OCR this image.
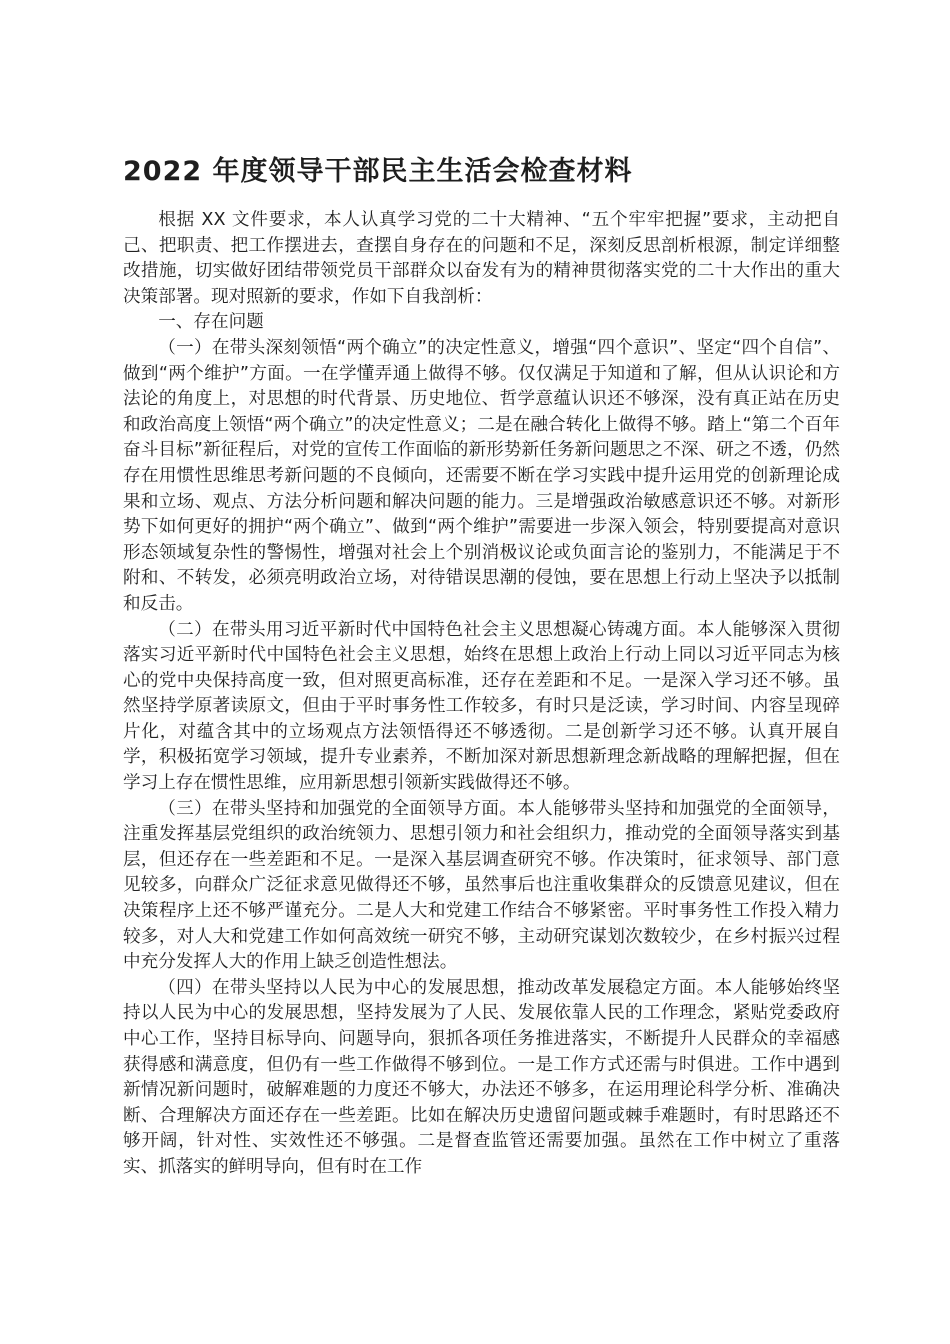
2022 年度领导干部民主生活会检查材料

根据 XX 文件要求，本人认真学习党的二十大精神、“五个牢牢把握”要求，主动把自己、把职责、把工作摆进去，查摆自身存在的问题和不足，深刻反思剖析根源，制定详细整改措施，切实做好团结带领党员干部群众以奋发有为的精神贯彻落实党的二十大作出的重大决策部署。现对照新的要求，作如下自我剖析：

一、存在问题

（一）在带头深刻领悟“两个确立”的决定性意义，增强“四个意识”、坚定“四个自信”、做到“两个维护”方面。一在学懂弄通上做得不够。仅仅满足于知道和了解，但从认识论和方法论的角度上，对思想的时代背景、历史地位、哲学意蕴认识还不够深，没有真正站在历史和政治高度上领悟“两个确立”的决定性意义；二是在融合转化上做得不够。踏上“第二个百年奋斗目标”新征程后，对党的宣传工作面临的新形势新任务新问题思之不深、研之不透，仍然存在用惯性思维思考新问题的不良倾向，还需要不断在学习实践中提升运用党的创新理论成果和立场、观点、方法分析问题和解决问题的能力。三是增强政治敏感意识还不够。对新形势下如何更好的拥护“两个确立”、做到“两个维护”需要进一步深入领会，特别要提高对意识形态领域复杂性的警惕性，增强对社会上个别消极议论或负面言论的鉴别力，不能满足于不附和、不转发，必须亮明政治立场，对待错误思潮的侵蚀，要在思想上行动上坚决予以抵制和反击。

（二）在带头用习近平新时代中国特色社会主义思想凝心铸魂方面。本人能够深入贯彻落实习近平新时代中国特色社会主义思想，始终在思想上政治上行动上同以习近平同志为核心的党中央保持高度一致，但对照更高标准，还存在差距和不足。一是深入学习还不够。虽然坚持学原著读原文，但由于平时事务性工作较多，有时只是泛读，学习时间、内容呈现碎片化，对蕴含其中的立场观点方法领悟得还不够透彻。二是创新学习还不够。认真开展自学，积极拓宽学习领域，提升专业素养，不断加深对新思想新理念新战略的理解把握，但在学习上存在惯性思维，应用新思想引领新实践做得还不够。

（三）在带头坚持和加强党的全面领导方面。本人能够带头坚持和加强党的全面领导，注重发挥基层党组织的政治统领力、思想引领力和社会组织力，推动党的全面领导落实到基层，但还存在一些差距和不足。一是深入基层调查研究不够。作决策时，征求领导、部门意见较多，向群众广泛征求意见做得还不够，虽然事后也注重收集群众的反馈意见建议，但在决策程序上还不够严谨充分。二是人大和党建工作结合不够紧密。平时事务性工作投入精力较多，对人大和党建工作如何高效统一研究不够，主动研究谋划次数较少，在乡村振兴过程中充分发挥人大的作用上缺乏创造性想法。

（四）在带头坚持以人民为中心的发展思想，推动改革发展稳定方面。本人能够始终坚持以人民为中心的发展思想，坚持发展为了人民、发展依靠人民的工作理念，紧贴党委政府中心工作，坚持目标导向、问题导向，狠抓各项任务推进落实，不断提升人民群众的幸福感获得感和满意度，但仍有一些工作做得不够到位。一是工作方式还需与时俱进。工作中遇到新情况新问题时，破解难题的力度还不够大，办法还不够多，在运用理论科学分析、准确决断、合理解决方面还存在一些差距。比如在解决历史遗留问题或棘手难题时，有时思路还不够开阔，针对性、实效性还不够强。二是督查监管还需要加强。虽然在工作中树立了重落实、抓落实的鲜明导向，但有时在工作
